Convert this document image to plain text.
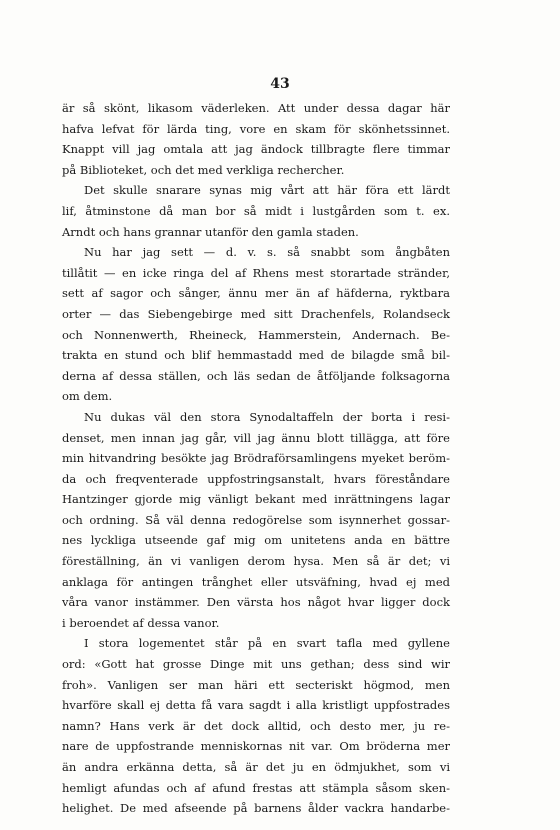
43
är så skönt, likasom väderleken. Att under dessa dagar här
hafva lefvat för lärda ting, vore en skam för skönhetssinnet.
Knappt vill jag omtala att jag ändock tillbragte flere timmar
på Biblioteket, och det med verkliga rechercher.
Det skulle snarare synas mig vårt att här föra ett lärdt
lif, åtminstone då man bor så midt i lustgården som t. ex.
Arndt och hans grannar utanför den gamla staden.
Nu har jag sett — d. v. s. så snabbt som ångbåten
tillåtit — en icke ringa del af Rhens mest storartade stränder,
sett af sagor och sånger, ännu mer än af häfderna, ryktbara
orter — das Siebengebirge med sitt Drachenfels, Rolandseck
och Nonnenwerth, Rheineck, Hammerstein, Andernach. Be-
trakta en stund och blif hemmastadd med de bilagde små bil-
derna af dessa ställen, och läs sedan de åtföljande folksagorna
om dem.
Nu dukas väl den stora Synodaltaffeln der borta i resi-
denset, men innan jag går, vill jag ännu blott tillägga, att före
min hitvandring besökte jag Brödraförsamlingens myeket beröm-
da och freqventerade uppfostringsanstalt, hvars föreståndare
Hantzinger gjorde mig vänligt bekant med inrättningens lagar
och ordning. Så väl denna redogörelse som isynnerhet gossar-
nes lyckliga utseende gaf mig om unitetens anda en bättre
föreställning, än vi vanligen derom hysa. Men så är det; vi
anklaga för antingen trånghet eller utsväfning, hvad ej med
våra vanor instämmer. Den värsta hos något hvar ligger dock
i beroendet af dessa vanor.
I stora logementet står på en svart tafla med gyllene
ord: «Gott hat grosse Dinge mit uns gethan; dess sind wir
froh». Vanligen ser man häri ett secteriskt högmod, men
hvarföre skall ej detta få vara sagdt i alla kristligt uppfostrades
namn? Hans verk är det dock alltid, och desto mer, ju re-
nare de uppfostrande menniskornas nit var. Om bröderna mer
än andra erkänna detta, så är det ju en ödmjukhet, som vi
hemligt afundas och af afund frestas att stämpla såsom sken-
helighet. De med afseende på barnens ålder vackra handarbe-
